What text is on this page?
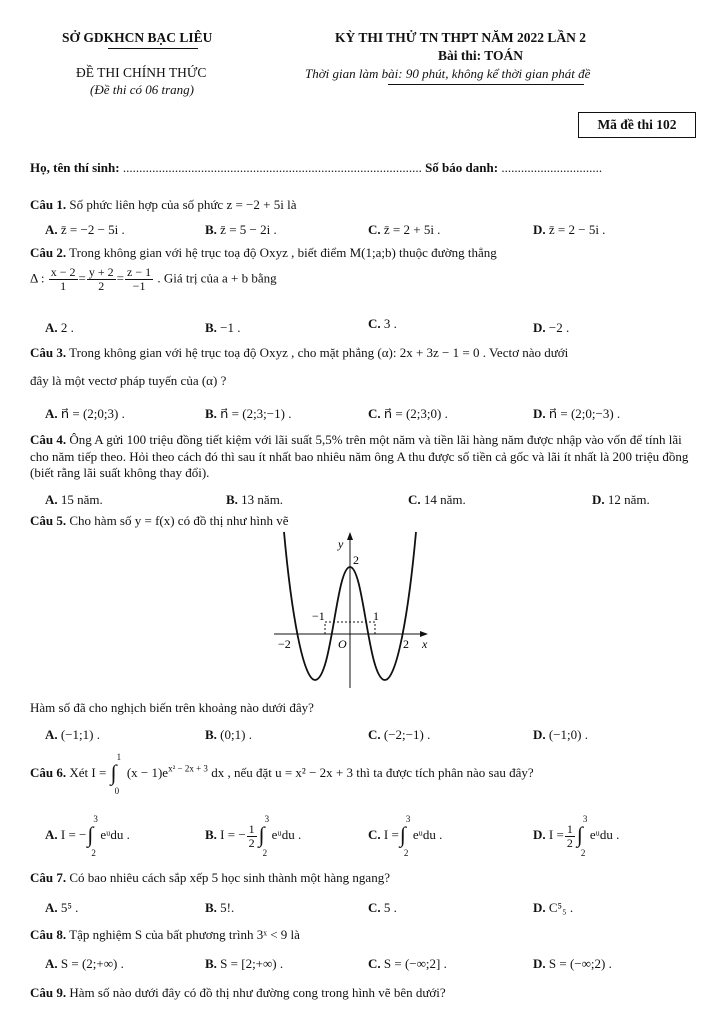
SỞ GDKHCN BẠC LIÊU	KỲ THI THỬ TN THPT NĂM 2022 LẦN 2
Bài thi: TOÁN
ĐỀ THI CHÍNH THỨC
(Đề thi có 06 trang)
Thời gian làm bài: 90 phút, không kể thời gian phát đề
Mã đề thi 102
Họ, tên thí sinh: ............................................................................................ Số báo danh: ...............................
Câu 1. Số phức liên hợp của số phức z = −2 + 5i là
A. z̄ = −2 − 5i .	B. z̄ = 5 − 2i .	C. z̄ = 2 + 5i .	D. z̄ = 2 − 5i .
Câu 2. Trong không gian với hệ trục toạ độ Oxyz , biết điểm M(1;a;b) thuộc đường thẳng
Δ : $\frac{x - 2}{1} = \frac{y + 2}{2} = \frac{z - 1}{-1}$ . Giá trị của a + b bằng
A. 2 .	B. −1 .	C. 3 .	D. −2 .
Câu 3. Trong không gian với hệ trục toạ độ Oxyz , cho mặt phẳng (α): 2x + 3z − 1 = 0 . Vectơ nào dưới
đây là một vectơ pháp tuyến của (α) ?
A. n⃗ = (2;0;3) .	B. n⃗ = (2;3;−1) .	C. n⃗ = (2;3;0) .	D. n⃗ = (2;0;−3) .
Câu 4. Ông A gửi 100 triệu đồng tiết kiệm với lãi suất 5,5% trên một năm và tiền lãi hàng năm được nhập vào vốn để tính lãi cho năm tiếp theo. Hỏi theo cách đó thì sau ít nhất bao nhiêu năm ông A thu được số tiền cả gốc và lãi ít nhất là 200 triệu đồng (biết rằng lãi suất không thay đổi).
A. 15 năm.	B. 13 năm.	C. 14 năm.	D. 12 năm.
Câu 5. Cho hàm số y = f(x) có đồ thị như hình vẽ
y
2
−1	1
−2	O	2 x
Hàm số đã cho nghịch biến trên khoảng nào dưới đây?
A. (−1;1) .	B. (0;1) .	C. (−2;−1) .	D. (−1;0) .
Câu 6. Xét I = ∫
1
0
$(x - 1)e^{x^2 - 2x + 3}$ dx , nếu đặt u = x² − 2x + 3 thì ta được tích phân nào sau đây?
A. I = − ∫
3
2
eᵘdu .	B. I = − $\frac{1}{2}$ ∫
3
2
eᵘdu .	C. I = ∫
3
2
eᵘdu .	D. $I = \frac{1}{2}$ ∫
3
2
eᵘdu .
Câu 7. Có bao nhiêu cách sắp xếp 5 học sinh thành một hàng ngang?
A. 5⁵ .	B. 5!.	C. 5 .	D. C⁵₅ .
Câu 8. Tập nghiệm S của bất phương trình 3ˣ < 9 là
A. S = (2;+∞) .	B. S = [2;+∞) .	C. S = (−∞;2] .	D. S = (−∞;2) .
Câu 9. Hàm số nào dưới đây có đồ thị như đường cong trong hình vẽ bên dưới?
